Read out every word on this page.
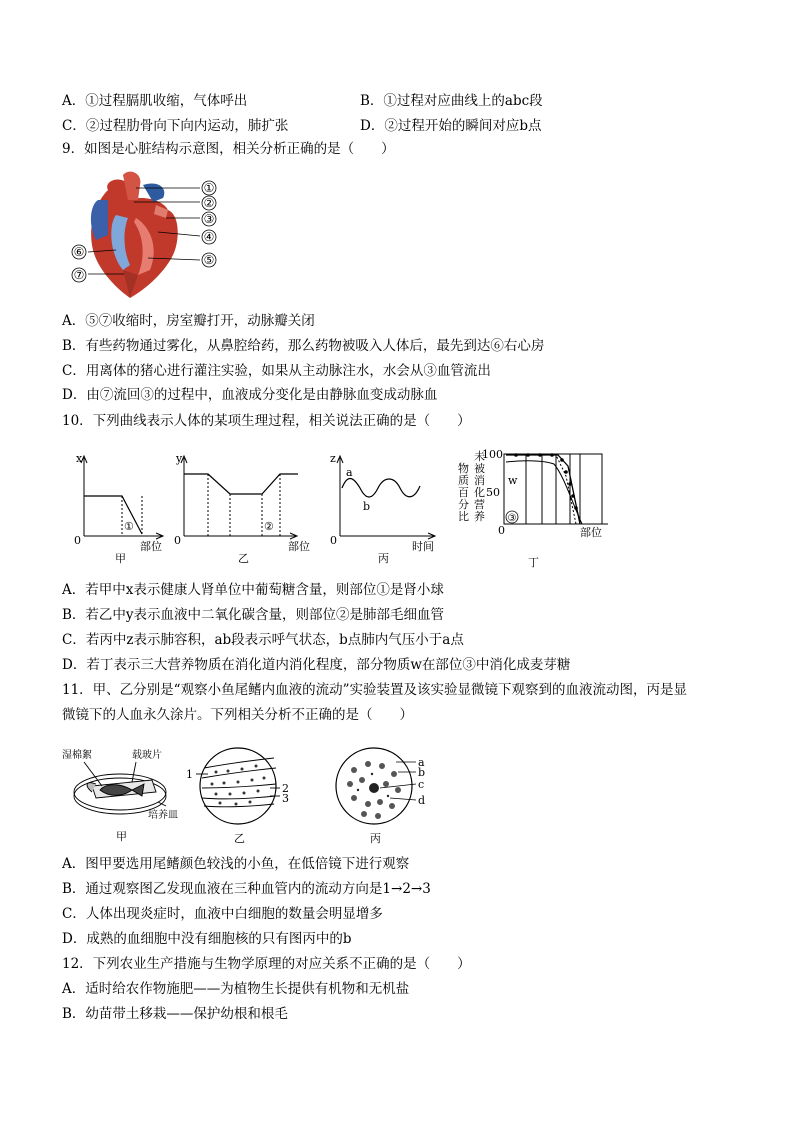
A．①过程膈肌收缩，气体呼出	B．①过程对应曲线上的abc段
C．②过程肋骨向下向内运动，肺扩张	D．②过程开始的瞬间对应b点
9．如图是心脏结构示意图，相关分析正确的是（　　）
①
②
③
④
⑤
⑥
⑦
A．⑤⑦收缩时，房室瓣打开，动脉瓣关闭
B．有些药物通过雾化，从鼻腔给药，那么药物被吸入人体后，最先到达⑥右心房
C．用离体的猪心进行灌注实验，如果从主动脉注水，水会从③血管流出
D．由⑦流回③的过程中，血液成分变化是由静脉血变成动脉血
10．下列曲线表示人体的某项生理过程，相关说法正确的是（　　）
x
0
①
部位
甲
y
0
②
部位
乙
z
0
a
b
时间
丙
未被消化营养
物质百分比
100
50
0
w
部位
丁
③
A．若甲中x表示健康人肾单位中葡萄糖含量，则部位①是肾小球
B．若乙中y表示血液中二氧化碳含量，则部位②是肺部毛细血管
C．若丙中z表示肺容积，ab段表示呼气状态，b点肺内气压小于a点
D．若丁表示三大营养物质在消化道内消化程度，部分物质w在部位③中消化成麦芽糖
11．甲、乙分别是“观察小鱼尾鳍内血液的流动”实验装置及该实验显微镜下观察到的血液流动图，丙是显
微镜下的人血永久涂片。下列相关分析不正确的是（　　）
湿棉絮	载玻片
培养皿
甲
1
2
3
乙
a
b
c
d
丙
A．图甲要选用尾鳍颜色较浅的小鱼，在低倍镜下进行观察
B．通过观察图乙发现血液在三种血管内的流动方向是1→2→3
C．人体出现炎症时，血液中白细胞的数量会明显增多
D．成熟的血细胞中没有细胞核的只有图丙中的b
12．下列农业生产措施与生物学原理的对应关系不正确的是（　　）
A．适时给农作物施肥——为植物生长提供有机物和无机盐
B．幼苗带土移栽——保护幼根和根毛
